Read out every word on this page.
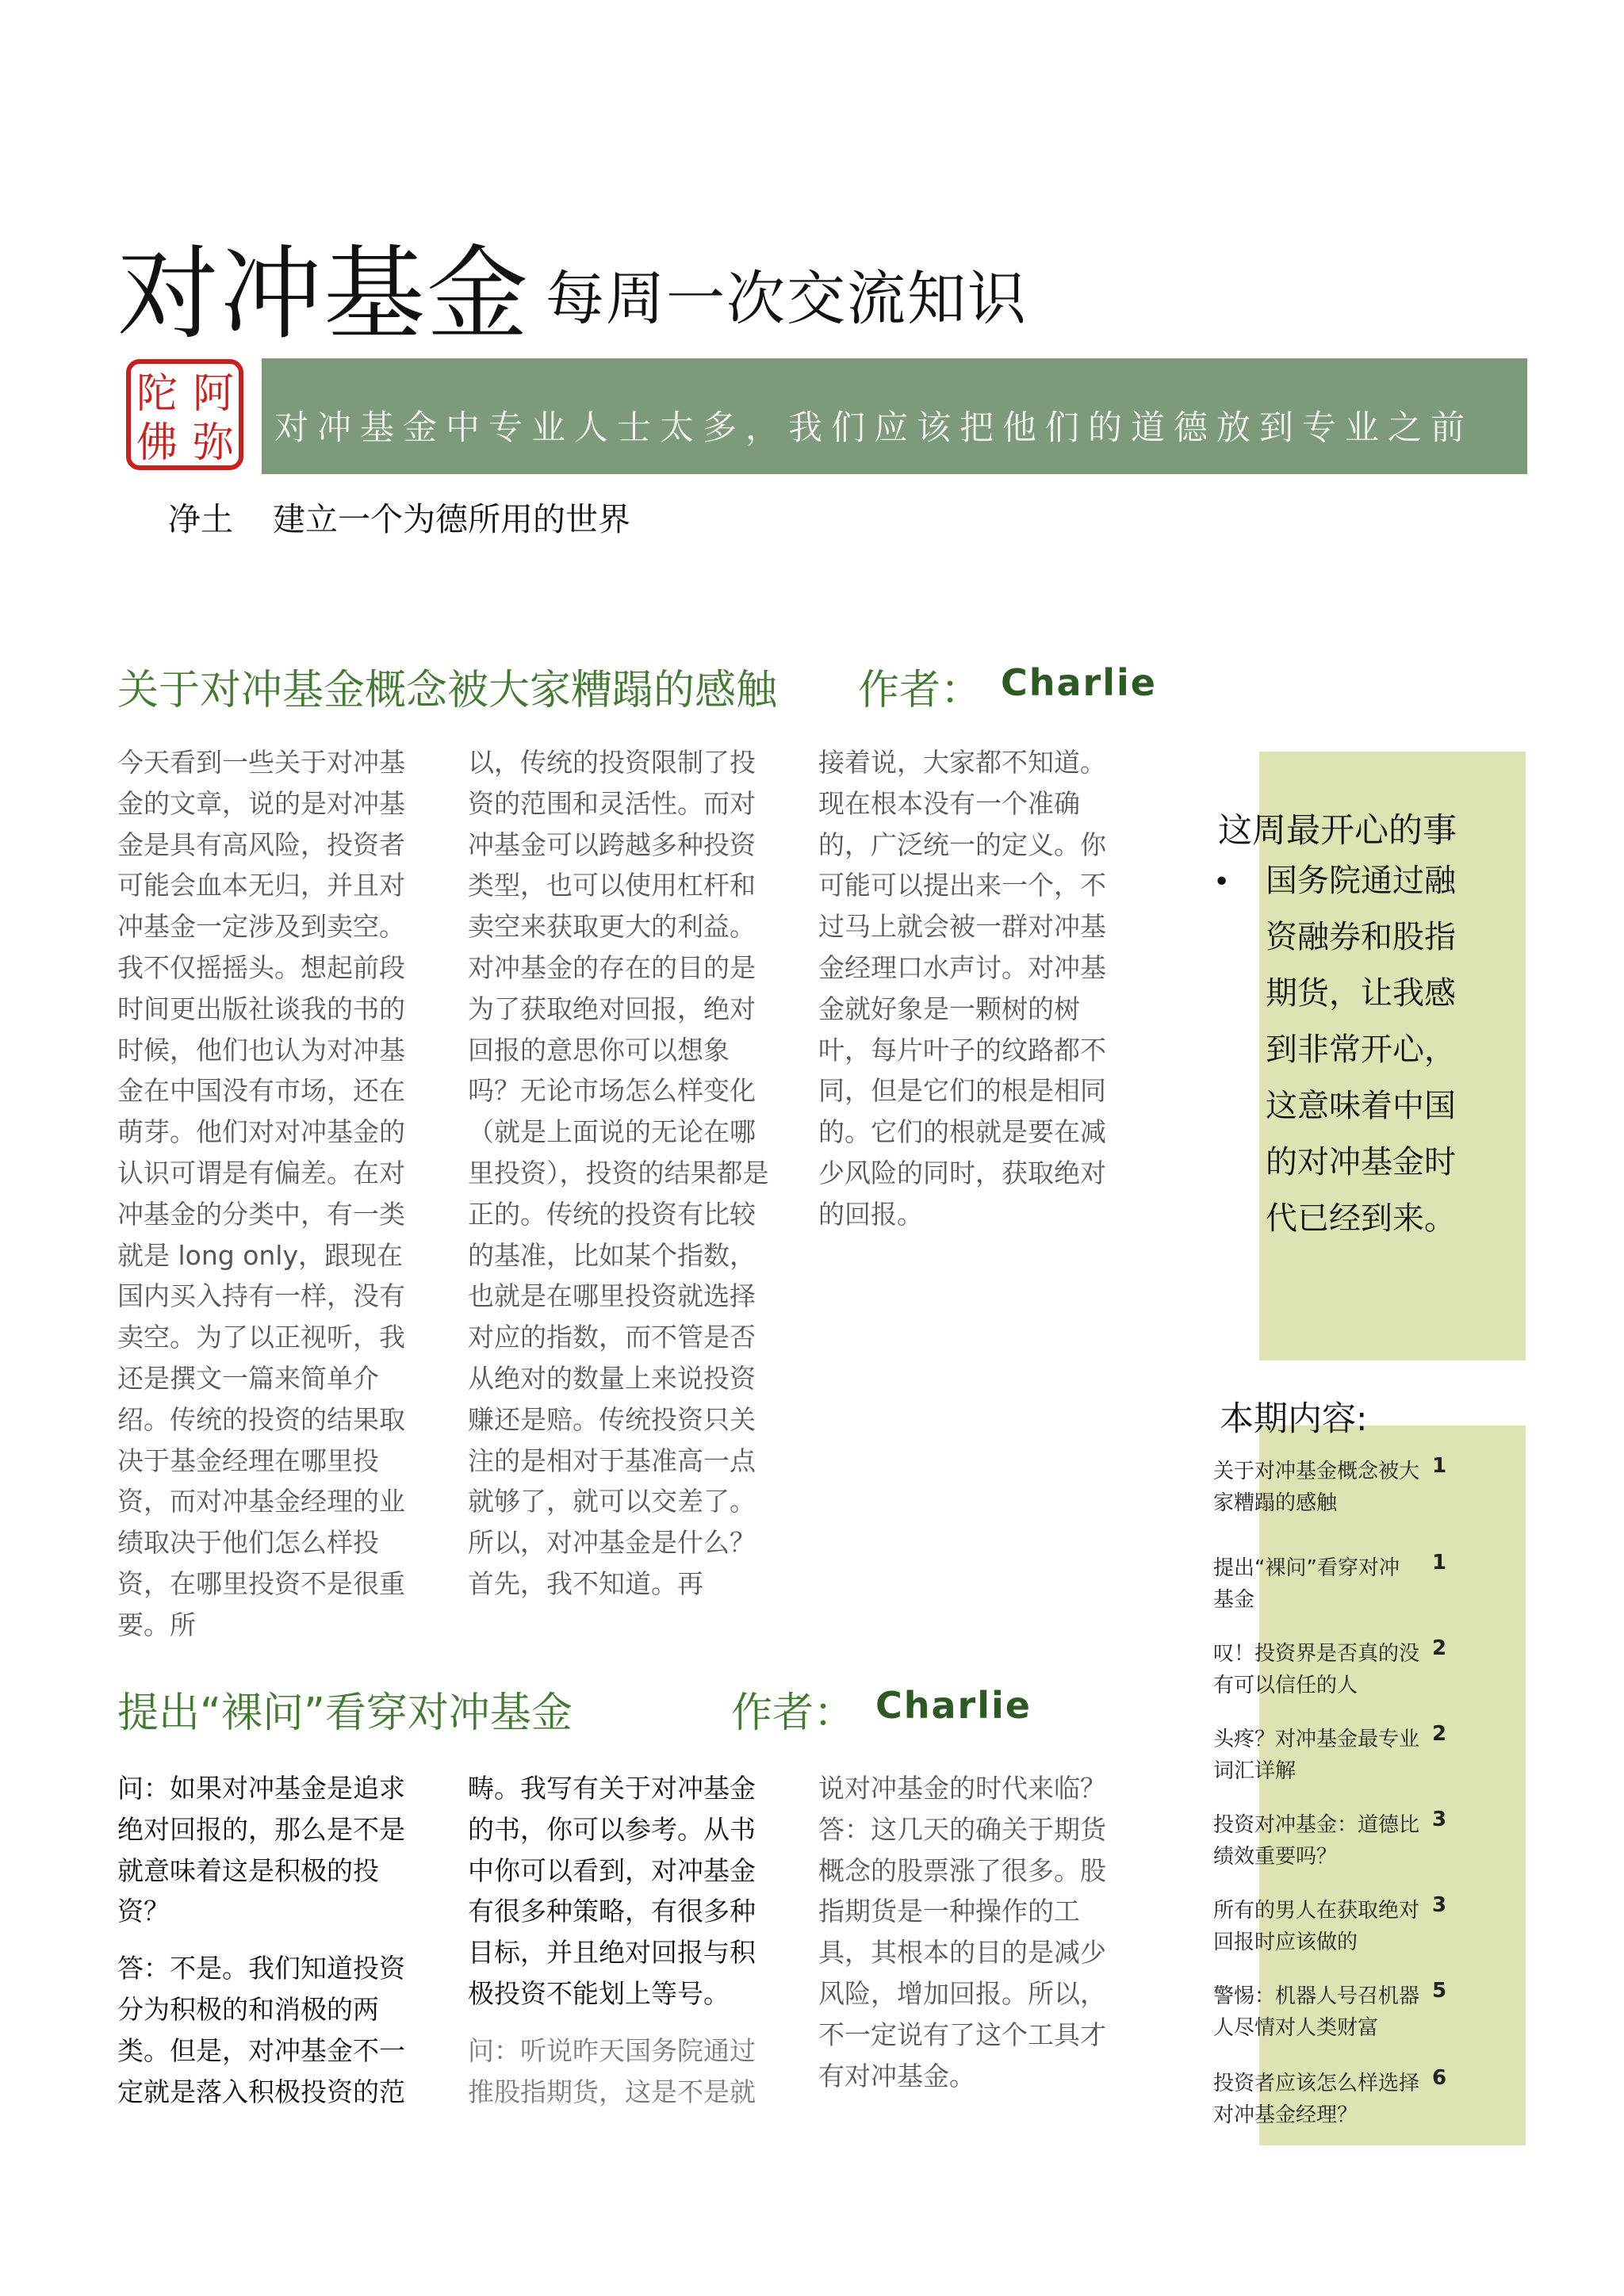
对冲基金 每周一次交流知识
阿
弥
陀
佛	对冲基金中专业人士太多，我们应该把他们的道德放到专业之前
净土 建立一个为德所用的世界
关于对冲基金概念被大家糟蹋的感触 作者： Charlie
今天看到一些关于对冲基金的文章，说的是对冲基金是具有高风险，投资者可能会血本无归，并且对冲基金一定涉及到卖空。我不仅摇摇头。想起前段时间更出版社谈我的书的时候，他们也认为对冲基金在中国没有市场，还在萌芽。他们对对冲基金的认识可谓是有偏差。在对冲基金的分类中，有一类就是 long only，跟现在国内买入持有一样，没有卖空。为了以正视听，我还是撰文一篇来简单介绍。传统的投资的结果取决于基金经理在哪里投资，而对冲基金经理的业绩取决于他们怎么样投资，在哪里投资不是很重要。所
以，传统的投资限制了投资的范围和灵活性。而对冲基金可以跨越多种投资类型，也可以使用杠杆和卖空来获取更大的利益。对冲基金的存在的目的是为了获取绝对回报，绝对回报的意思你可以想象吗？无论市场怎么样变化（就是上面说的无论在哪里投资），投资的结果都是正的。传统的投资有比较的基准，比如某个指数，也就是在哪里投资就选择对应的指数，而不管是否从绝对的数量上来说投资赚还是赔。传统投资只关注的是相对于基准高一点就够了，就可以交差了。所以，对冲基金是什么？首先，我不知道。再
接着说，大家都不知道。现在根本没有一个准确的，广泛统一的定义。你可能可以提出来一个，不过马上就会被一群对冲基金经理口水声讨。对冲基金就好象是一颗树的树叶，每片叶子的纹路都不同，但是它们的根是相同的。它们的根就是要在减少风险的同时，获取绝对的回报。
提出“裸问”看穿对冲基金	作者： Charlie

问：如果对冲基金是追求绝对回报的，那么是不是就意味着这是积极的投资？

答：不是。我们知道投资分为积极的和消极的两类。但是，对冲基金不一定就是落入积极投资的范

畴。我写有关于对冲基金的书，你可以参考。从书中你可以看到，对冲基金有很多种策略，有很多种目标，并且绝对回报与积极投资不能划上等号。

问：听说昨天国务院通过推股指期货，这是不是就

说对冲基金的时代来临？答：这几天的确关于期货概念的股票涨了很多。股指期货是一种操作的工具，其根本的目的是减少风险，增加回报。所以，不一定说有了这个工具才有对冲基金。
这周最开心的事
• 国务院通过融资融券和股指期货，让我感到非常开心，这意味着中国的对冲基金时代已经到来。
本期内容:
关于对冲基金概念被大家糟蹋的感触
1
提出“裸问”看穿对冲基金
1
叹！投资界是否真的没有可以信任的人
2
头疼？对冲基金最专业词汇详解
2
投资对冲基金：道德比绩效重要吗？
3
所有的男人在获取绝对回报时应该做的
3
警惕：机器人号召机器人尽情对人类财富
5
投资者应该怎么样选择对冲基金经理？
6
